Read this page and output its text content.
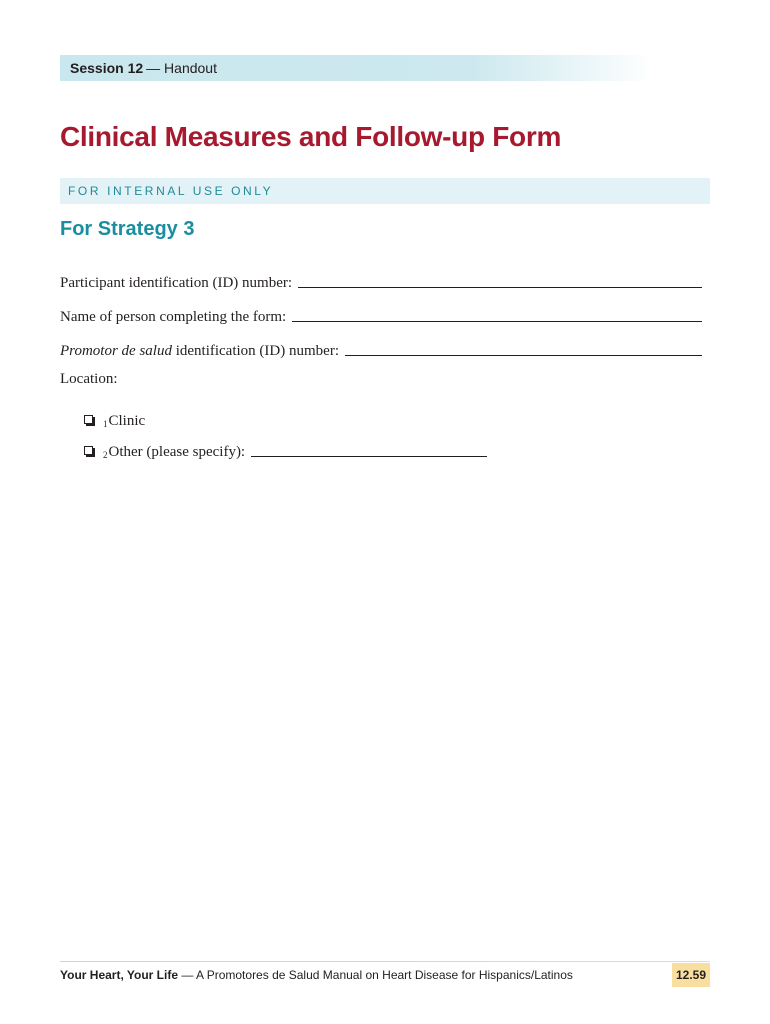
Session 12 — Handout
Clinical Measures and Follow-up Form
FOR INTERNAL USE ONLY
For Strategy 3
Participant identification (ID) number:
Name of person completing the form:
Promotor de salud identification (ID) number:
Location:
1 Clinic
2 Other (please specify):
Your Heart, Your Life — A Promotores de Salud Manual on Heart Disease for Hispanics/Latinos	12.59
